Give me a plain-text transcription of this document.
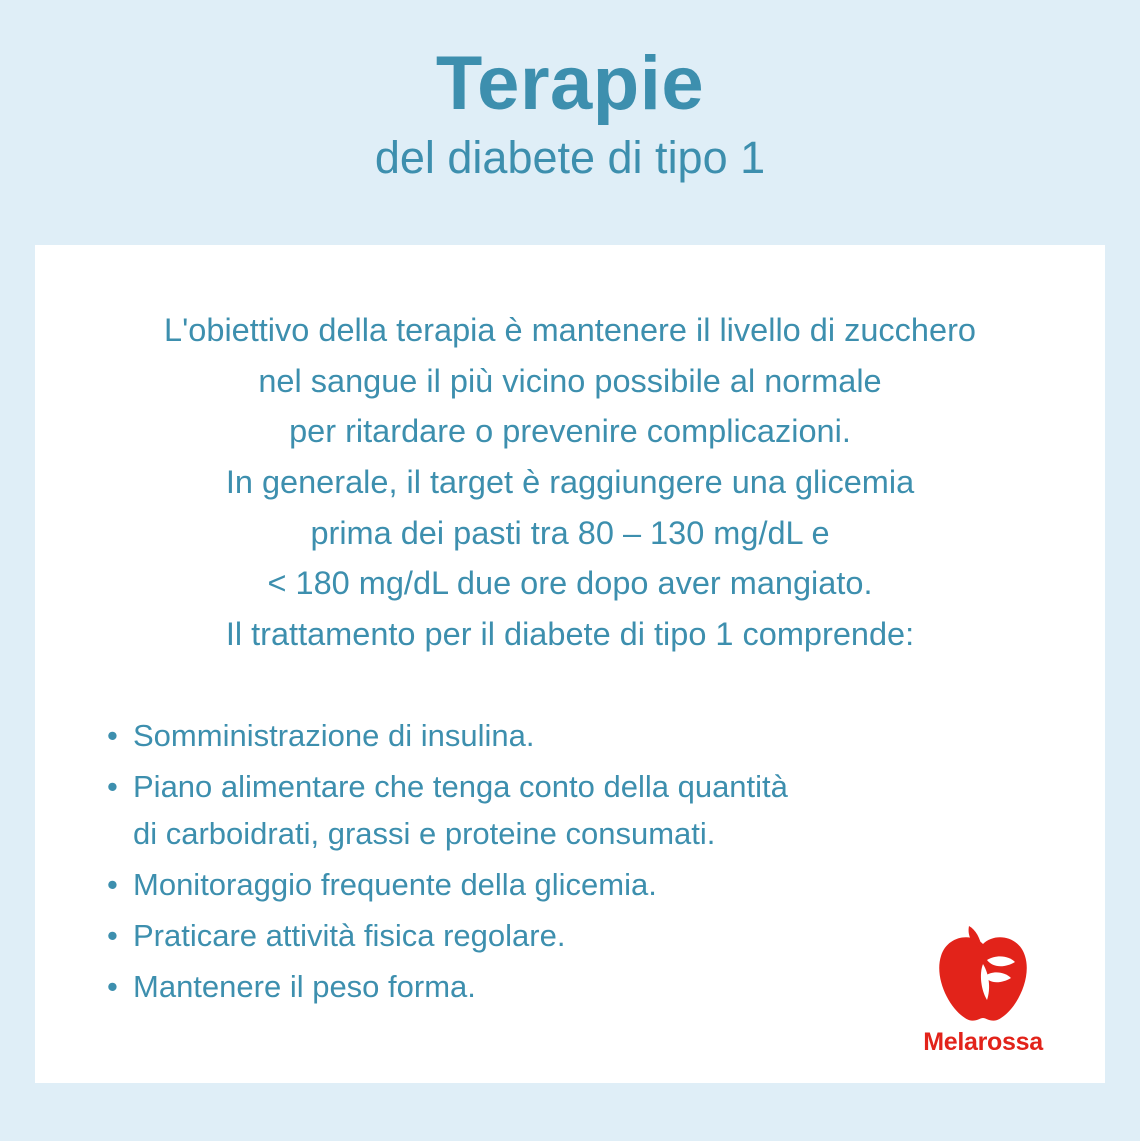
Terapie
del diabete di tipo 1

L'obiettivo della terapia è mantenere il livello di zucchero

nel sangue il più vicino possibile al normale

per ritardare o prevenire complicazioni.

In generale, il target è raggiungere una glicemia

prima dei pasti tra 80 – 130 mg/dL e

< 180 mg/dL due ore dopo aver mangiato.

Il trattamento per il diabete di tipo 1 comprende:

• Somministrazione di insulina.
• Piano alimentare che tenga conto della quantità
di carboidrati, grassi e proteine consumati.
• Monitoraggio frequente della glicemia.
• Praticare attività fisica regolare.
• Mantenere il peso forma.
Melarossa
